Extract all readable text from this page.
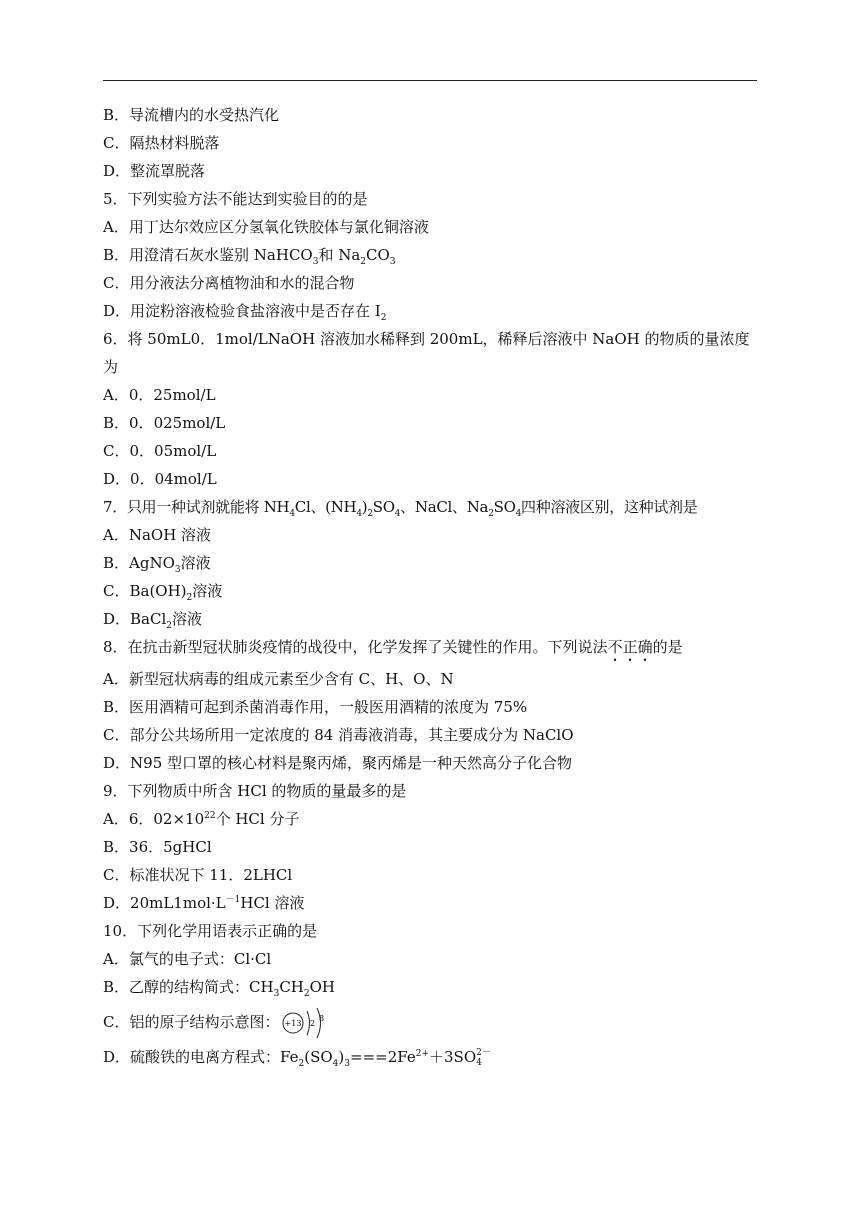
B．导流槽内的水受热汽化
C．隔热材料脱落
D．整流罩脱落
5．下列实验方法不能达到实验目的的是
A．用丁达尔效应区分氢氧化铁胶体与氯化铜溶液
B．用澄清石灰水鉴别 NaHCO$_3$和 $Na_2CO_3$
C．用分液法分离植物油和水的混合物
D．用淀粉溶液检验食盐溶液中是否存在 $I_2$
6．将 50mL0．1mol/LNaOH 溶液加水稀释到 200mL，稀释后溶液中 NaOH 的物质的量浓度为
A．0．25mol/L
B．0．025mol/L
C．0．05mol/L
D．0．04mol/L
7．只用一种试剂就能将 $NH_4Cl$、$(NH_4)_2SO_4$、NaCl、$Na_2SO_4$四种溶液区别，这种试剂是
A．NaOH 溶液
B．AgNO$_3$溶液
C．$Ba(OH)_2$溶液
D．BaCl$_2$溶液
8．在抗击新型冠状肺炎疫情的战役中，化学发挥了关键性的作用。下列说法不正确的是
A．新型冠状病毒的组成元素至少含有 C、H、O、N
B．医用酒精可起到杀菌消毒作用，一般医用酒精的浓度为 75%
C．部分公共场所用一定浓度的 84 消毒液消毒，其主要成分为 NaClO
D．N95 型口罩的核心材料是聚丙烯，聚丙烯是一种天然高分子化合物
9．下列物质中所含 HCl 的物质的量最多的是
A．6．$02\times 10^{22}$个 HCl 分子
B．36．5gHCl
C．标准状况下 11．2LHCl
D．$20mL1mol\cdot L^{-1}HCl$ 溶液
10．下列化学用语表示正确的是
A．氯气的电子式：Cl·Cl
B．乙醇的结构简式：$CH_3CH_2OH$
C．铝的原子结构示意图： +13 2
8
D．硫酸铁的电离方程式：$Fe_2(SO_4)_3===2Fe^{2+}+3SO$ 2－
4
